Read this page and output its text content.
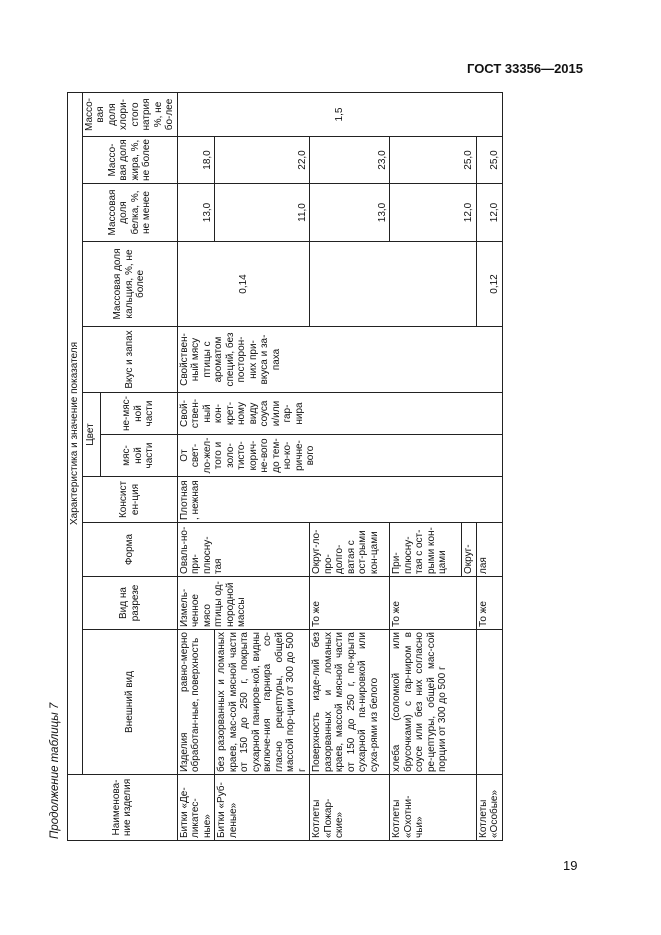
ГОСТ 33356—2015
Продолжение таблицы 7	Наименова-ние изделия	Характеристика и значение показателя										
	Внешний вид	Вид на разрезе	Форма	Консистен-ция	Цвет		Вкус и запах	Массовая доля кальция, %, не более	Массовая доля белка, %, не менее	Массо-вая доля жира, %, не более	Массо-вая доля хлори-стого натрия %, не бо-лее
					мяс-ной части	не-мяс-ной части					
Битки «Де-ликатес-ные»	Изделия равно-мерно обработан-ные, поверхность	Измель-ченное мясо птицы од-нородной массы	Оваль-но-при-плюсну-тая	Плотная, нежная	От свет-ло-жел-того и золо-тисто-корич-не-вого до тем-но-ко-ричне-вого	Свой-ствен-ный кон-крет-ному виду соуса и/или гар-нира	Свойствен-ный мясу птицы с ароматом специй, без посторон-них при-вкуса и за-паха	0,14	13,0	18,0	1,5
Битки «Руб-леные»	без разорванных и ломаных краев, мас-сой мясной части от 150 до 250 г, покрыта сухарной паниров-кой, видны включе-ния гарнира со-гласно рецептуры, общей массой пор-ции от 300 до 500 г								11,0	22,0	
Котлеты «Пожар-ские»	Поверхность изде-лий без разорванных и ломаных краев, массой мясной части от 150 до 250 г, по-крыта сухарной па-нировкой или суха-рями из белого	То же	Округ-ло-про-долго-ватая с ост-рыми кон-цами						13,0	23,0	
Котлеты «Охотни-чьи»	хлеба (соломкой или брусочками) с гар-ниром в соусе или без них согласно ре-цептуры, общей мас-сой порции от 300 до 500 г	То же	При-плюсну-тая с ост-рыми кон-цами						12,0	25,0	
			Округ-								
Котлеты «Особые»		То же	лая					0,12	12,0	25,0	
19
